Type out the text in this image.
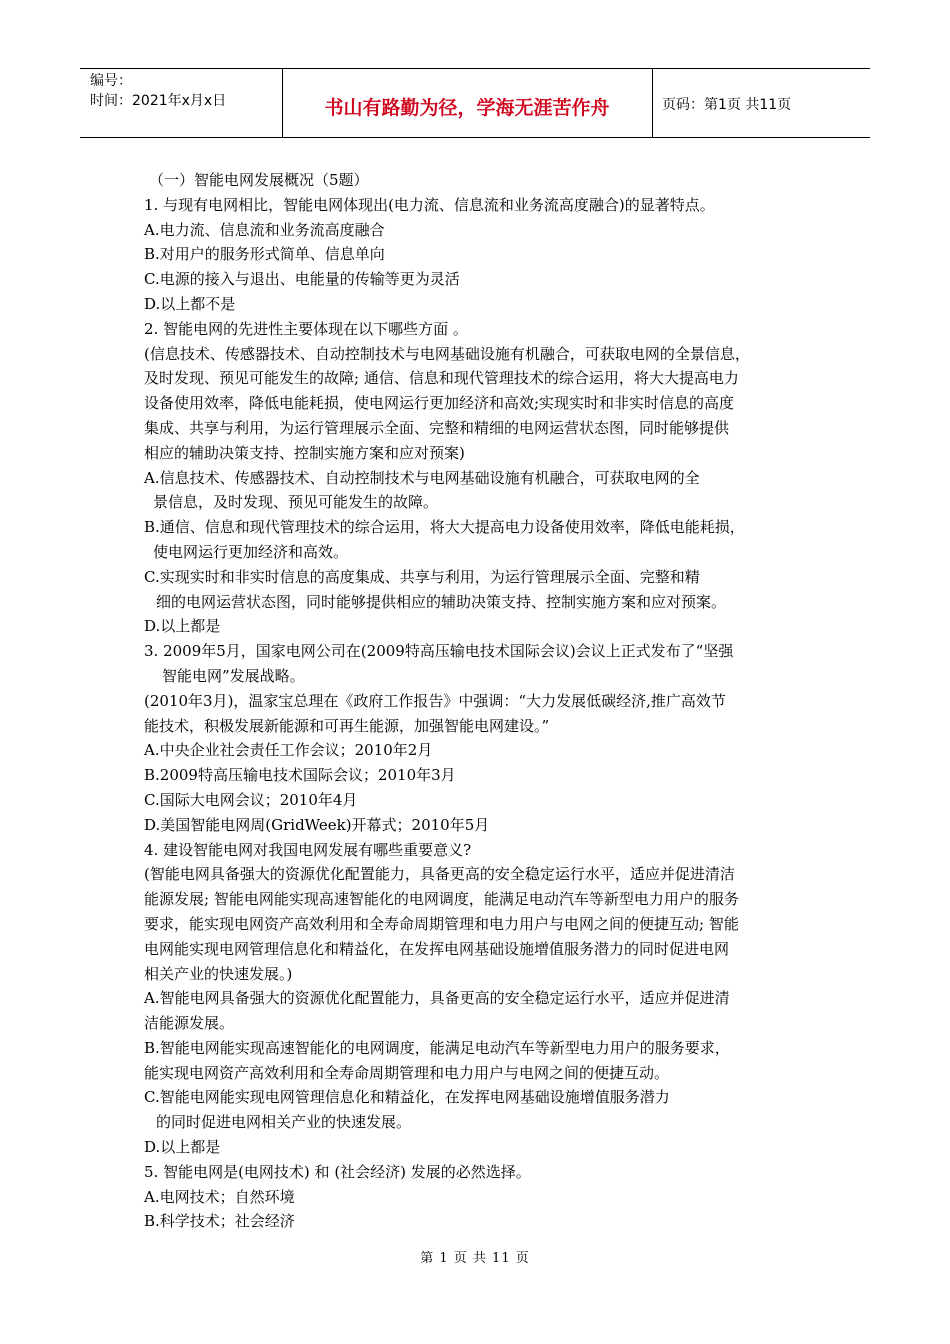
编号：
时间：2021年x月x日	书山有路勤为径，学海无涯苦作舟	页码：第1页 共11页

（一）智能电网发展概况（5题）

1. 与现有电网相比，智能电网体现出(电力流、信息流和业务流高度融合)的显著特点。

A.电力流、信息流和业务流高度融合

B.对用户的服务形式简单、信息单向

C.电源的接入与退出、电能量的传输等更为灵活

D.以上都不是

2. 智能电网的先进性主要体现在以下哪些方面 。

(信息技术、传感器技术、自动控制技术与电网基础设施有机融合，可获取电网的全景信息，

及时发现、预见可能发生的故障; 通信、信息和现代管理技术的综合运用，将大大提高电力

设备使用效率，降低电能耗损，使电网运行更加经济和高效;实现实时和非实时信息的高度

集成、共享与利用，为运行管理展示全面、完整和精细的电网运营状态图，同时能够提供

相应的辅助决策支持、控制实施方案和应对预案)

A.信息技术、传感器技术、自动控制技术与电网基础设施有机融合，可获取电网的全

景信息，及时发现、预见可能发生的故障。

B.通信、信息和现代管理技术的综合运用，将大大提高电力设备使用效率，降低电能耗损，

使电网运行更加经济和高效。

C.实现实时和非实时信息的高度集成、共享与利用，为运行管理展示全面、完整和精

细的电网运营状态图，同时能够提供相应的辅助决策支持、控制实施方案和应对预案。

D.以上都是

3. 2009年5月，国家电网公司在(2009特高压输电技术国际会议)会议上正式发布了“坚强

智能电网”发展战略。

(2010年3月)，温家宝总理在《政府工作报告》中强调：“大力发展低碳经济,推广高效节

能技术，积极发展新能源和可再生能源，加强智能电网建设。”

A.中央企业社会责任工作会议；2010年2月

B.2009特高压输电技术国际会议；2010年3月

C.国际大电网会议；2010年4月

D.美国智能电网周(GridWeek)开幕式；2010年5月

4. 建设智能电网对我国电网发展有哪些重要意义?

(智能电网具备强大的资源优化配置能力，具备更高的安全稳定运行水平，适应并促进清洁

能源发展; 智能电网能实现高速智能化的电网调度，能满足电动汽车等新型电力用户的服务

要求，能实现电网资产高效利用和全寿命周期管理和电力用户与电网之间的便捷互动; 智能

电网能实现电网管理信息化和精益化，在发挥电网基础设施增值服务潜力的同时促进电网

相关产业的快速发展。)

A.智能电网具备强大的资源优化配置能力，具备更高的安全稳定运行水平，适应并促进清

洁能源发展。

B.智能电网能实现高速智能化的电网调度，能满足电动汽车等新型电力用户的服务要求，

能实现电网资产高效利用和全寿命周期管理和电力用户与电网之间的便捷互动。

C.智能电网能实现电网管理信息化和精益化，在发挥电网基础设施增值服务潜力

的同时促进电网相关产业的快速发展。

D.以上都是

5. 智能电网是(电网技术) 和 (社会经济) 发展的必然选择。

A.电网技术；自然环境

B.科学技术；社会经济

第 1 页 共 11 页
